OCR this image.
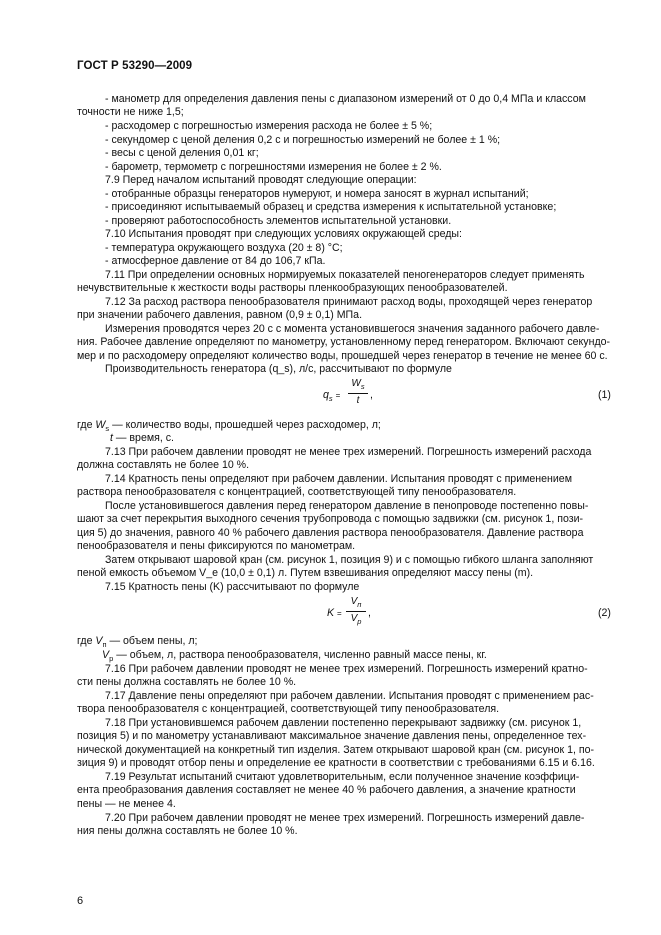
ГОСТ Р 53290—2009
- манометр для определения давления пены с диапазоном измерений от 0 до 0,4 МПа и классом
точности не ниже 1,5;
- расходомер с погрешностью измерения расхода не более ± 5 %;
- секундомер с ценой деления 0,2 с и погрешностью измерений не более ± 1 %;
- весы с ценой деления 0,01 кг;
- барометр, термометр с погрешностями измерения не более ± 2 %.
7.9 Перед началом испытаний проводят следующие операции:
- отобранные образцы генераторов нумеруют, и номера заносят в журнал испытаний;
- присоединяют испытываемый образец и средства измерения к испытательной установке;
- проверяют работоспособность элементов испытательной установки.
7.10 Испытания проводят при следующих условиях окружающей среды:
- температура окружающего воздуха (20 ± 8) °С;
- атмосферное давление от 84 до 106,7 кПа.
7.11 При определении основных нормируемых показателей пеногенераторов следует применять
нечувствительные к жесткости воды растворы пленкообразующих пенообразователей.
7.12 За расход раствора пенообразователя принимают расход воды, проходящей через генератор
при значении рабочего давления, равном (0,9 ± 0,1) МПа.
Измерения проводятся через 20 с с момента установившегося значения заданного рабочего давле-
ния. Рабочее давление определяют по манометру, установленному перед генератором. Включают секундо-
мер и по расходомеру определяют количество воды, прошедшей через генератор в течение не менее 60 с.
Производительность генератора (q_s), л/с, рассчитывают по формуле
$q_s$ =
$W_s$
t	,	(1)
где $W_s$ — количество воды, прошедшей через расходомер, л;
t — время, с.
7.13 При рабочем давлении проводят не менее трех измерений. Погрешность измерений расхода
должна составлять не более 10 %.
7.14 Кратность пены определяют при рабочем давлении. Испытания проводят с применением
раствора пенообразователя с концентрацией, соответствующей типу пенообразователя.
После установившегося давления перед генератором давление в пенопроводе постепенно повы-
шают за счет перекрытия выходного сечения трубопровода с помощью задвижки (см. рисунок 1, пози-
ция 5) до значения, равного 40 % рабочего давления раствора пенообразователя. Давление раствора
пенообразователя и пены фиксируются по манометрам.
Затем открывают шаровой кран (см. рисунок 1, позиция 9) и с помощью гибкого шланга заполняют
пеной емкость объемом V_e (10,0 ± 0,1) л. Путем взвешивания определяют массу пены (m).
7.15 Кратность пены (K) рассчитывают по формуле
K =
$V_п$
$V_р$
,	(2)
где $V_п$ — объем пены, л;
$V_р$ — объем, л, раствора пенообразователя, численно равный массе пены, кг.
7.16 При рабочем давлении проводят не менее трех измерений. Погрешность измерений кратно-
сти пены должна составлять не более 10 %.
7.17 Давление пены определяют при рабочем давлении. Испытания проводят с применением рас-
твора пенообразователя с концентрацией, соответствующей типу пенообразователя.
7.18 При установившемся рабочем давлении постепенно перекрывают задвижку (см. рисунок 1,
позиция 5) и по манометру устанавливают максимальное значение давления пены, определенное тех-
нической документацией на конкретный тип изделия. Затем открывают шаровой кран (см. рисунок 1, по-
зиция 9) и проводят отбор пены и определение ее кратности в соответствии с требованиями 6.15 и 6.16.
7.19 Результат испытаний считают удовлетворительным, если полученное значение коэффици-
ента преобразования давления составляет не менее 40 % рабочего давления, а значение кратности
пены — не менее 4.
7.20 При рабочем давлении проводят не менее трех измерений. Погрешность измерений давле-
ния пены должна составлять не более 10 %.
6
